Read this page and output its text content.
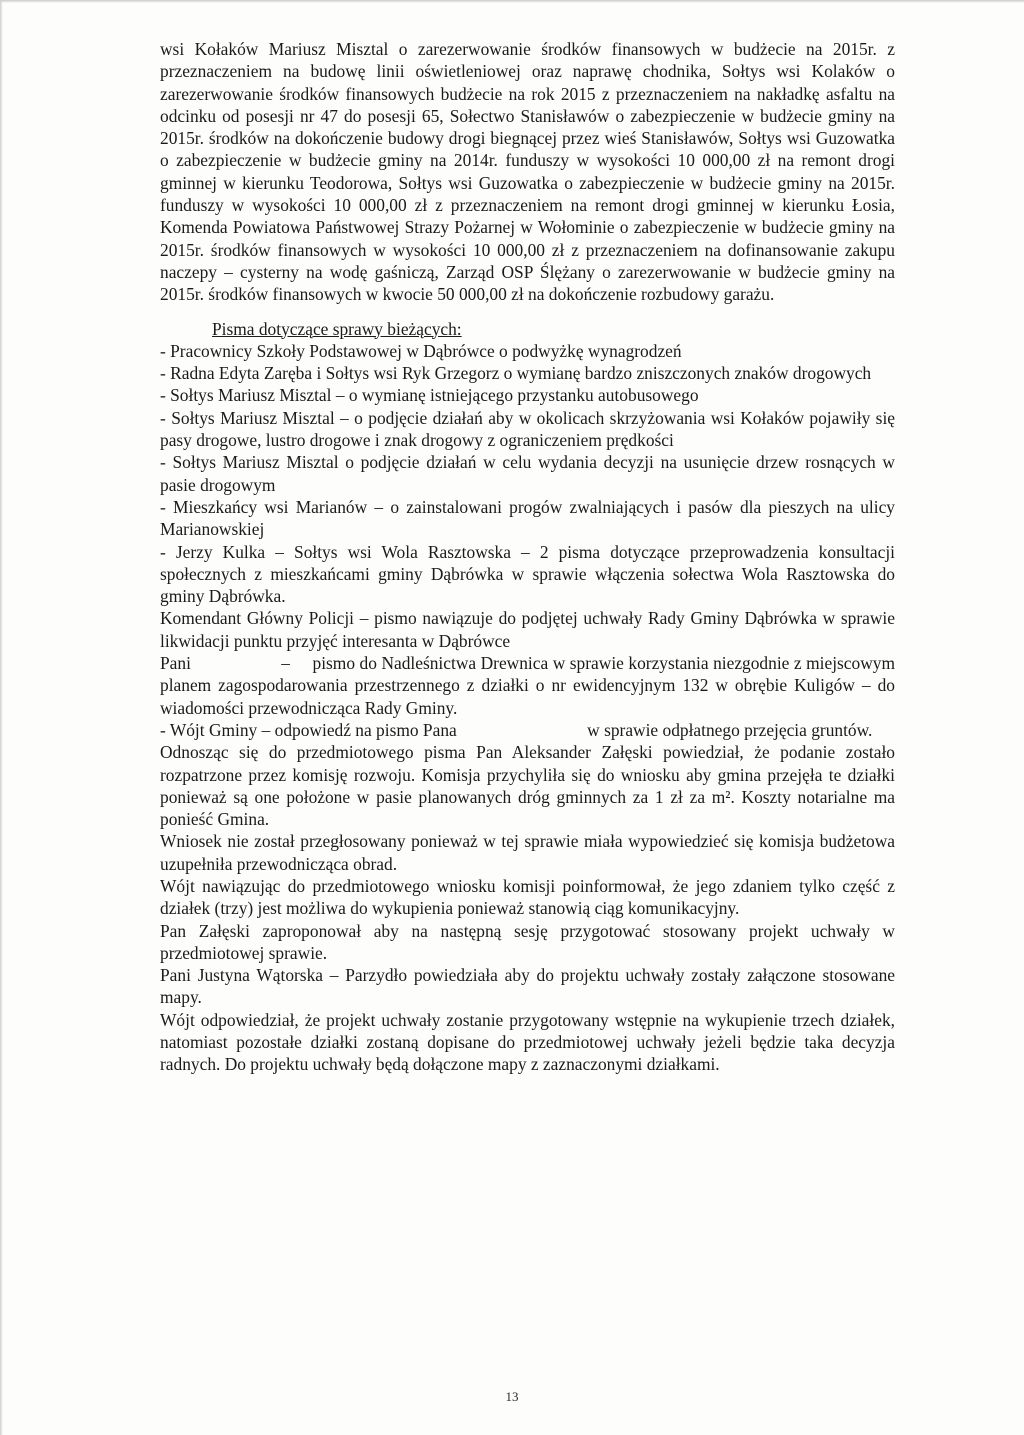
wsi Kołaków Mariusz Misztal o zarezerwowanie środków finansowych w budżecie na 2015r. z przeznaczeniem na budowę linii oświetleniowej oraz naprawę chodnika, Sołtys wsi Kolaków o zarezerwowanie środków finansowych budżecie na rok 2015 z przeznaczeniem na nakładkę asfaltu na odcinku od posesji nr 47 do posesji 65, Sołectwo Stanisławów o zabezpieczenie w budżecie gminy na 2015r. środków na dokończenie budowy drogi biegnącej przez wieś Stanisławów, Sołtys wsi Guzowatka o zabezpieczenie w budżecie gminy na 2014r. funduszy w wysokości 10 000,00 zł na remont drogi gminnej w kierunku Teodorowa, Sołtys wsi Guzowatka o zabezpieczenie w budżecie gminy na 2015r. funduszy w wysokości 10 000,00 zł z przeznaczeniem na remont drogi gminnej w kierunku Łosia, Komenda Powiatowa Państwowej Strazy Pożarnej w Wołominie o zabezpieczenie w budżecie gminy na 2015r. środków finansowych w wysokości 10 000,00 zł z przeznaczeniem na dofinansowanie zakupu naczepy – cysterny na wodę gaśniczą, Zarząd OSP Ślężany o zarezerwowanie w budżecie gminy na 2015r. środków finansowych w kwocie 50 000,00 zł na dokończenie rozbudowy garażu.

Pisma dotyczące sprawy bieżących:

- Pracownicy Szkoły Podstawowej w Dąbrówce o podwyżkę wynagrodzeń

- Radna Edyta Zaręba i Sołtys wsi Ryk Grzegorz o wymianę bardzo zniszczonych znaków drogowych

- Sołtys Mariusz Misztal – o wymianę istniejącego przystanku autobusowego

- Sołtys Mariusz Misztal – o podjęcie działań aby w okolicach skrzyżowania wsi Kołaków pojawiły się pasy drogowe, lustro drogowe i znak drogowy z ograniczeniem prędkości

- Sołtys Mariusz Misztal o podjęcie działań w celu wydania decyzji na usunięcie drzew rosnących w pasie drogowym

- Mieszkańcy wsi Marianów – o zainstalowani progów zwalniających i pasów dla pieszych na ulicy Marianowskiej

- Jerzy Kulka – Sołtys wsi Wola Rasztowska – 2 pisma dotyczące przeprowadzenia konsultacji społecznych z mieszkańcami gminy Dąbrówka w sprawie włączenia sołectwa Wola Rasztowska do gminy Dąbrówka.

Komendant Główny Policji – pismo nawiązuje do podjętej uchwały Rady Gminy Dąbrówka w sprawie likwidacji punktu przyjęć interesanta w Dąbrówce

Pani                    –     pismo do Nadleśnictwa Drewnica w sprawie korzystania niezgodnie z miejscowym planem zagospodarowania przestrzennego z działki o nr ewidencyjnym 132 w obrębie Kuligów – do wiadomości przewodnicząca Rady Gminy.

- Wójt Gminy – odpowiedź na pismo Pana                              w sprawie odpłatnego przejęcia gruntów.

Odnosząc się do przedmiotowego pisma Pan Aleksander Załęski powiedział, że podanie zostało rozpatrzone przez komisję rozwoju. Komisja przychyliła się do wniosku aby gmina przejęła te działki ponieważ są one położone w pasie planowanych dróg gminnych za 1 zł za m². Koszty notarialne ma ponieść Gmina.

Wniosek nie został przegłosowany ponieważ w tej sprawie miała wypowiedzieć się komisja budżetowa uzupełniła przewodnicząca obrad.

Wójt nawiązując do przedmiotowego wniosku komisji poinformował, że jego zdaniem tylko część z działek (trzy) jest możliwa do wykupienia ponieważ stanowią ciąg komunikacyjny.

Pan Załęski zaproponował aby na następną sesję przygotować stosowany projekt uchwały w przedmiotowej sprawie.

Pani Justyna Wątorska – Parzydło powiedziała aby do projektu uchwały zostały załączone stosowane mapy.

Wójt odpowiedział, że projekt uchwały zostanie przygotowany wstępnie na wykupienie trzech działek, natomiast pozostałe działki zostaną dopisane do przedmiotowej uchwały jeżeli będzie taka decyzja radnych. Do projektu uchwały będą dołączone mapy z zaznaczonymi działkami.

13
